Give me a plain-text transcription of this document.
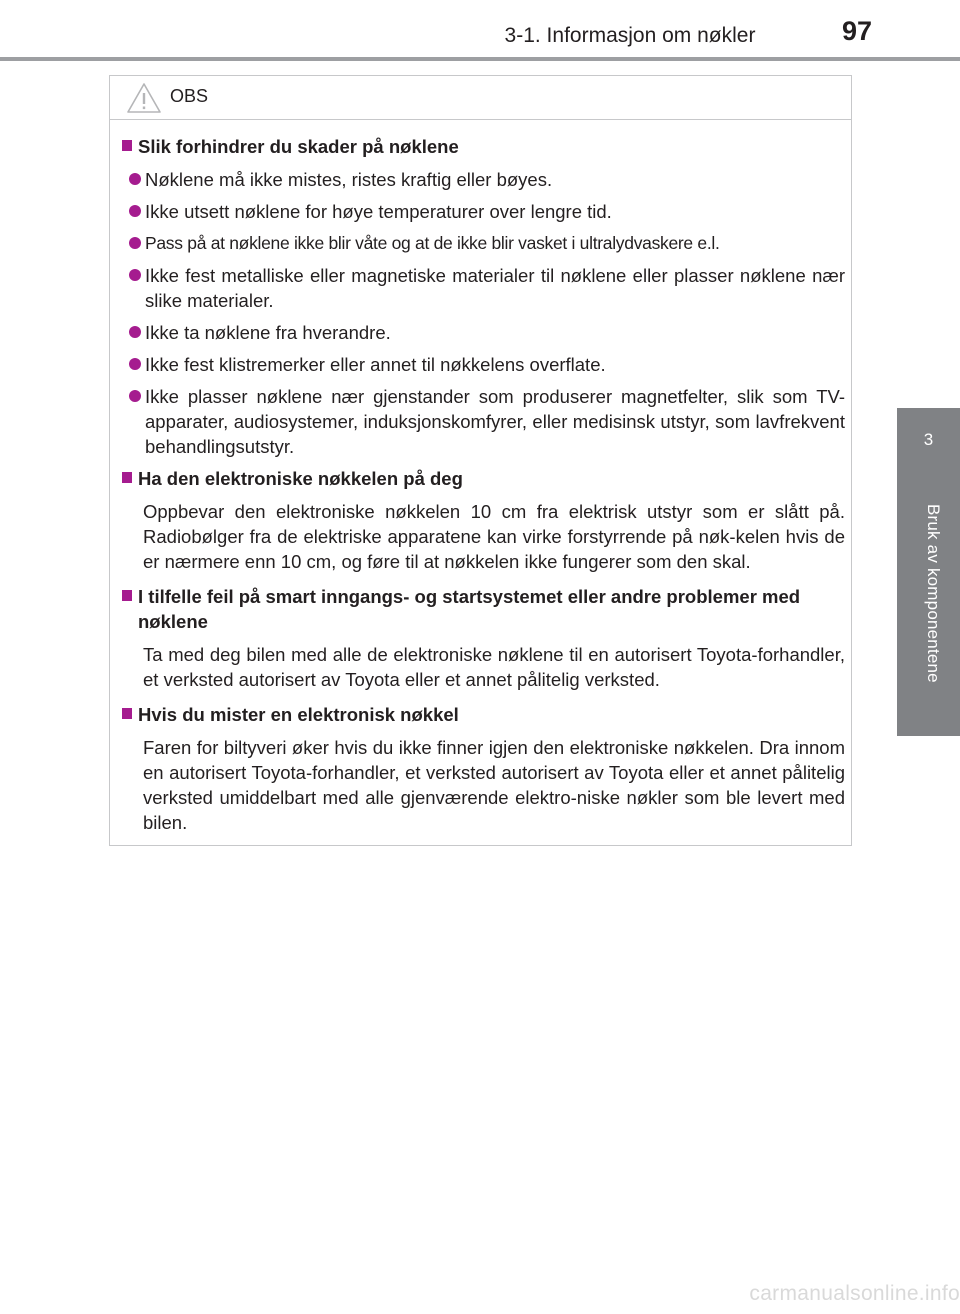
3-1. Informasjon om nøkler	97
3
Bruk av komponentene
OBS
Slik forhindrer du skader på nøklene
Nøklene må ikke mistes, ristes kraftig eller bøyes.
Ikke utsett nøklene for høye temperaturer over lengre tid.
Pass på at nøklene ikke blir våte og at de ikke blir vasket i ultralydvaskere e.l.
Ikke fest metalliske eller magnetiske materialer til nøklene eller plasser nøklene nær slike materialer.
Ikke ta nøklene fra hverandre.
Ikke fest klistremerker eller annet til nøkkelens overflate.
Ikke plasser nøklene nær gjenstander som produserer magnetfelter, slik som TV-apparater, audiosystemer, induksjonskomfyrer, eller medisinsk utstyr, som lavfrekvent behandlingsutstyr.
Ha den elektroniske nøkkelen på deg
Oppbevar den elektroniske nøkkelen 10 cm fra elektrisk utstyr som er slått på. Radiobølger fra de elektriske apparatene kan virke forstyrrende på nøk-kelen hvis de er nærmere enn 10 cm, og føre til at nøkkelen ikke fungerer som den skal.
I tilfelle feil på smart inngangs- og startsystemet eller andre problemer med nøklene
Ta med deg bilen med alle de elektroniske nøklene til en autorisert Toyota-forhandler, et verksted autorisert av Toyota eller et annet pålitelig verksted.
Hvis du mister en elektronisk nøkkel
Faren for biltyveri øker hvis du ikke finner igjen den elektroniske nøkkelen. Dra innom en autorisert Toyota-forhandler, et verksted autorisert av Toyota eller et annet pålitelig verksted umiddelbart med alle gjenværende elektro-niske nøkler som ble levert med bilen.
carmanualsonline.info
